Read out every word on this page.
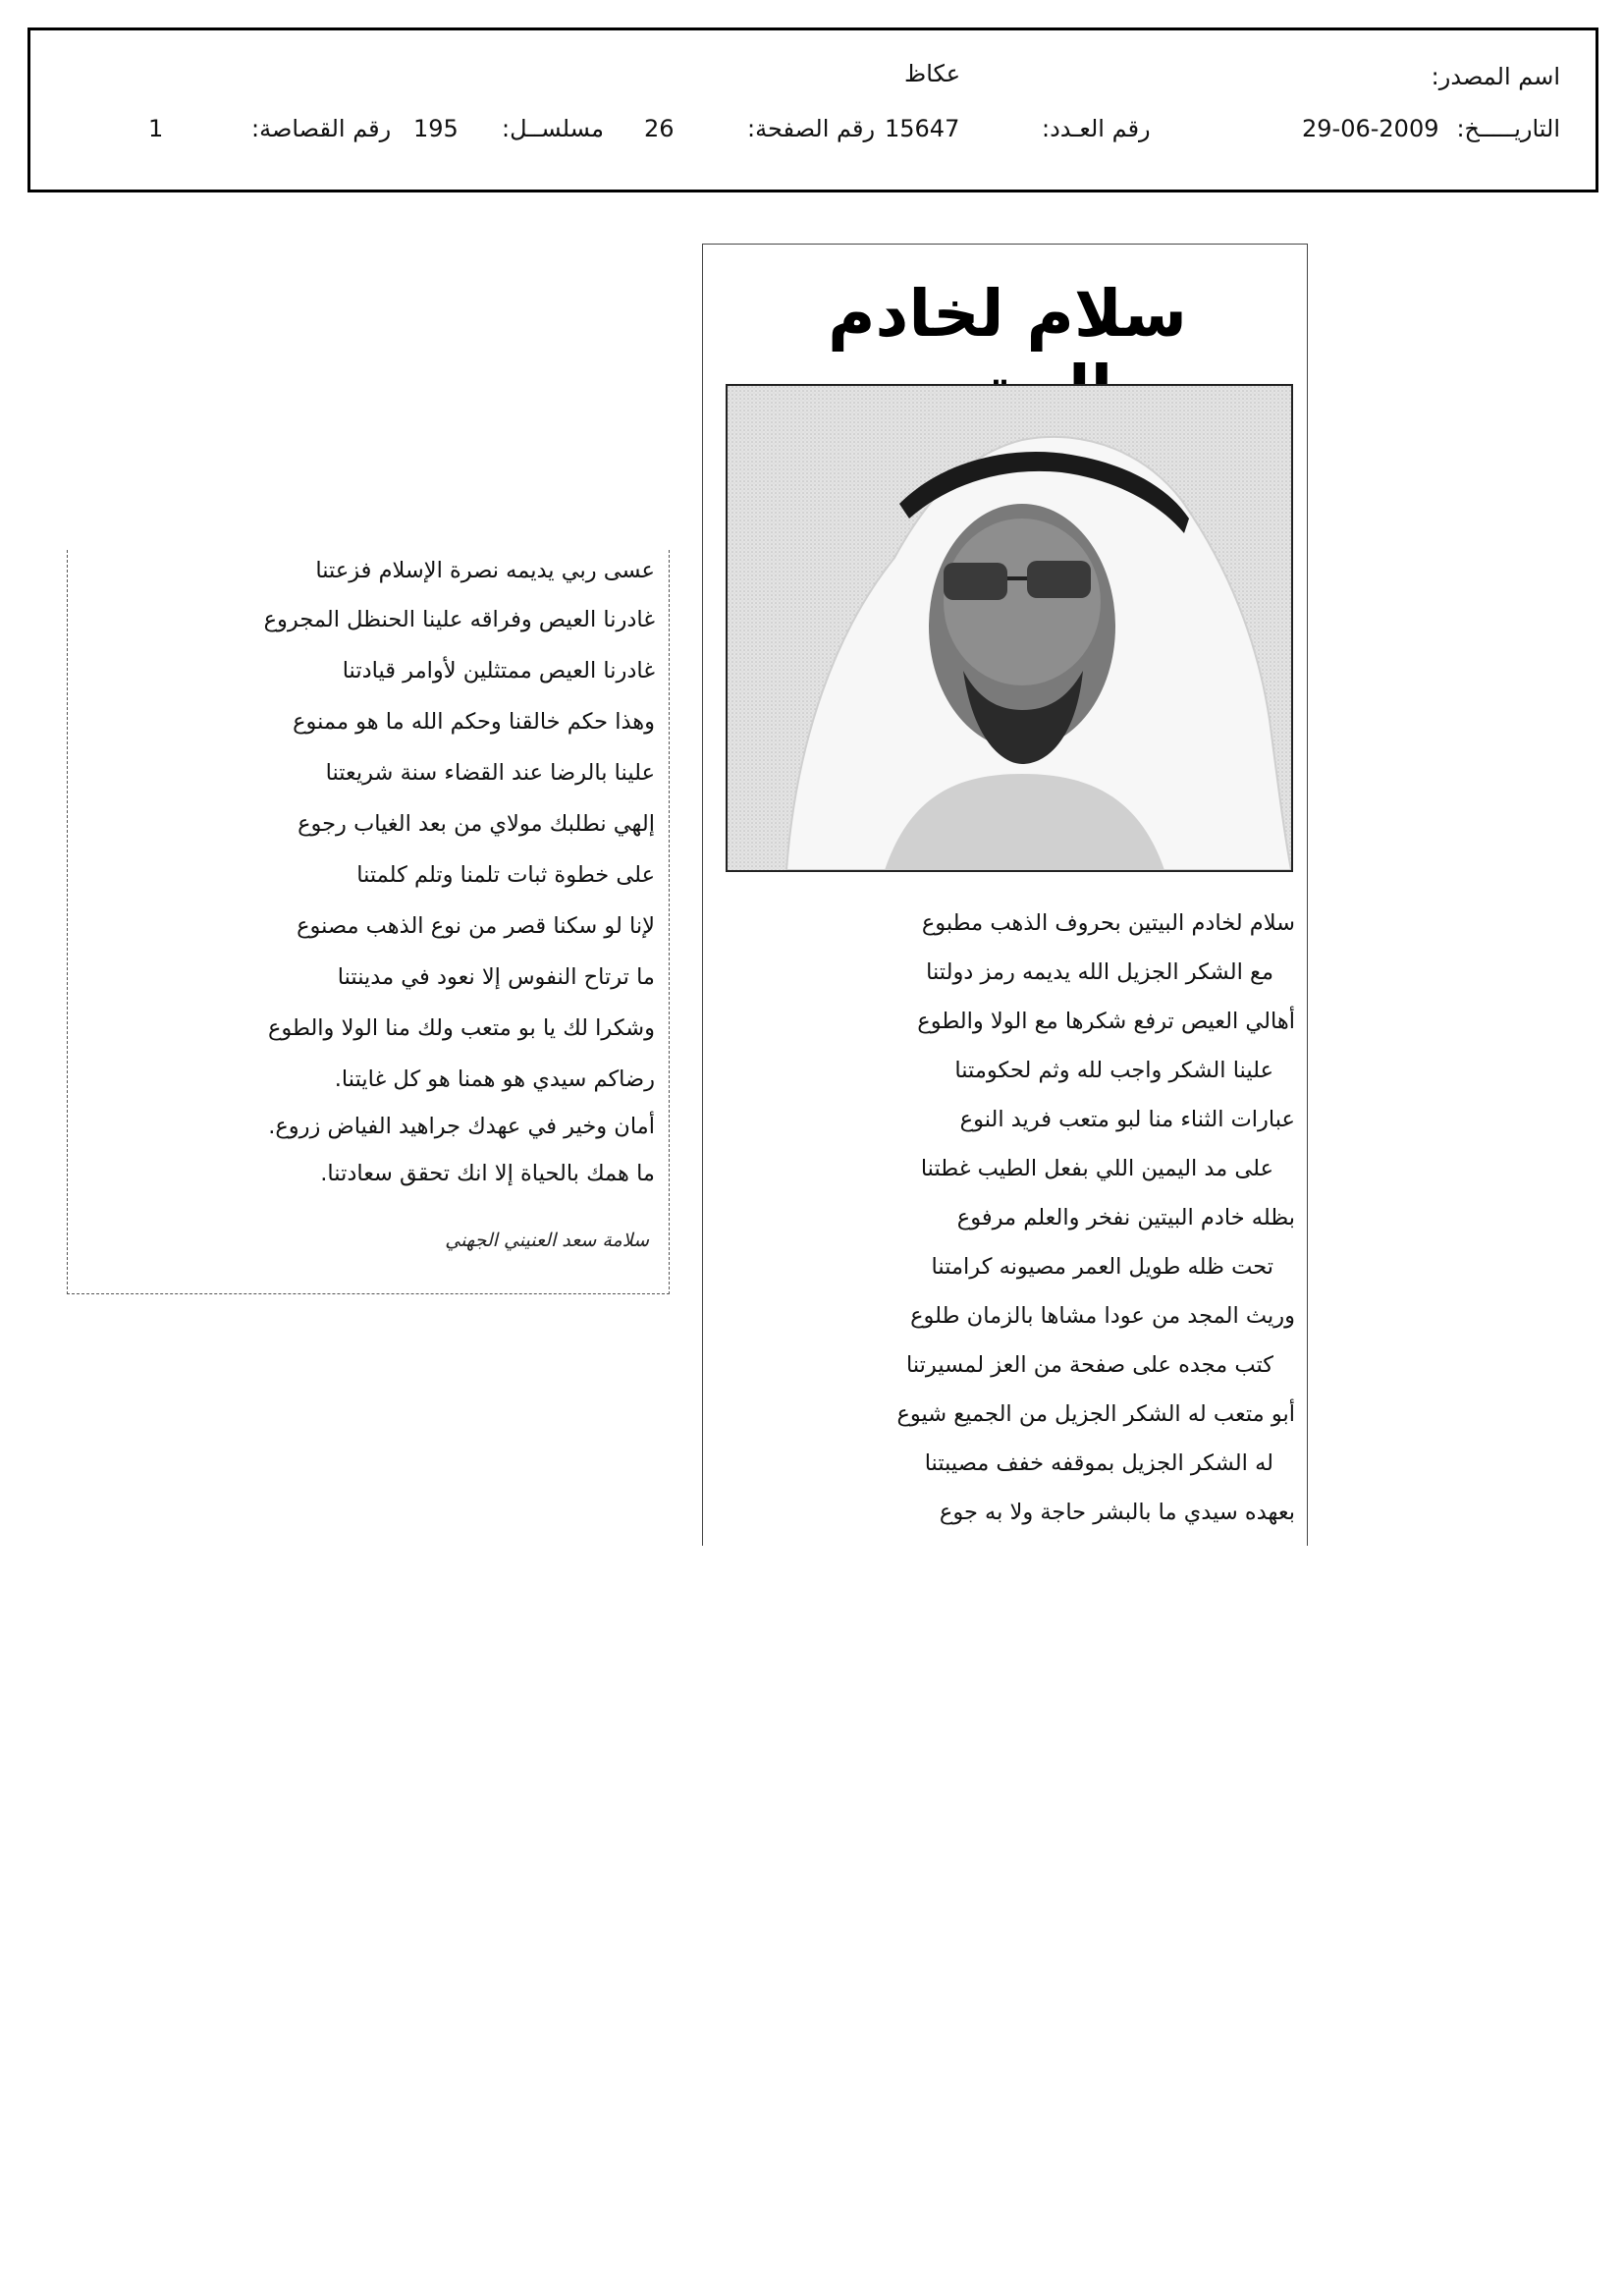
اسم المصدر:
عكاظ
التاريـــــخ:
29-06-2009
رقم العـدد:
15647
رقم الصفحة:
26
مسلســل:
195
رقم القصاصة:
1
سلام لخادم
سلام لخادم البيتين بحروف الذهب مطبوع
مع الشكر الجزيل الله يديمه رمز دولتنا
أهالي العيص ترفع شكرها مع الولا والطوع
علينا الشكر واجب لله وثم لحكومتنا
عبارات الثناء منا لبو متعب فريد النوع
على مد اليمين اللي بفعل الطيب غطتنا
بظله خادم البيتين نفخر والعلم مرفوع
تحت ظله طويل العمر مصيونه كرامتنا
وريث المجد من عودا مشاها بالزمان طلوع
كتب مجده على صفحة من العز لمسيرتنا
أبو متعب له الشكر الجزيل من الجميع شيوع
له الشكر الجزيل بموقفه خفف مصيبتنا
بعهده سيدي ما بالبشر حاجة ولا به جوع
عسى ربي يديمه نصرة الإسلام فزعتنا
غادرنا العيص وفراقه علينا الحنظل المجروع
غادرنا العيص ممتثلين لأوامر قيادتنا
وهذا حكم خالقنا وحكم الله ما هو ممنوع
علينا بالرضا عند القضاء سنة شريعتنا
إلهي نطلبك مولاي من بعد الغياب رجوع
على خطوة ثبات تلمنا وتلم كلمتنا
لإنا لو سكنا قصر من نوع الذهب مصنوع
ما ترتاح النفوس إلا نعود في مدينتنا
وشكرا لك يا بو متعب ولك منا الولا والطوع
رضاكم سيدي هو همنا هو كل غايتنا.
أمان وخير في عهدك جراهيد الفياض زروع.
ما همك بالحياة إلا انك تحقق سعادتنا.
سلامة سعد العنيني الجهني
